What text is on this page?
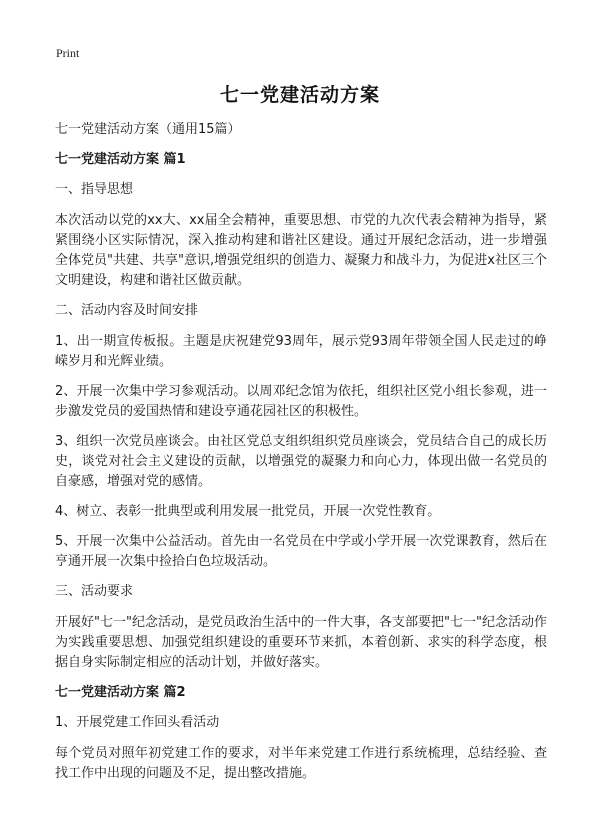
Print
七一党建活动方案

七一党建活动方案（通用15篇）

七一党建活动方案 篇1

一、指导思想

本次活动以党的xx大、xx届全会精神，重要思想、市党的九次代表会精神为指导，紧紧围绕小区实际情况，深入推动构建和谐社区建设。通过开展纪念活动，进一步增强全体党员"共建、共享"意识,增强党组织的创造力、凝聚力和战斗力，为促进x社区三个文明建设，构建和谐社区做贡献。

二、活动内容及时间安排

1、出一期宣传板报。主题是庆祝建党93周年，展示党93周年带领全国人民走过的峥嵘岁月和光辉业绩。

2、开展一次集中学习参观活动。以周邓纪念馆为依托，组织社区党小组长参观，进一步激发党员的爱国热情和建设亨通花园社区的积极性。

3、组织一次党员座谈会。由社区党总支组织组织党员座谈会，党员结合自己的成长历史，谈党对社会主义建设的贡献，以增强党的凝聚力和向心力，体现出做一名党员的自豪感，增强对党的感情。

4、树立、表彰一批典型或利用发展一批党员，开展一次党性教育。

5、开展一次集中公益活动。首先由一名党员在中学或小学开展一次党课教育，然后在亨通开展一次集中捡拾白色垃圾活动。

三、活动要求

开展好"七一"纪念活动，是党员政治生活中的一件大事，各支部要把"七一"纪念活动作为实践重要思想、加强党组织建设的重要环节来抓，本着创新、求实的科学态度，根据自身实际制定相应的活动计划，并做好落实。

七一党建活动方案 篇2

1、开展党建工作回头看活动

每个党员对照年初党建工作的要求，对半年来党建工作进行系统梳理，总结经验、查找工作中出现的问题及不足，提出整改措施。
